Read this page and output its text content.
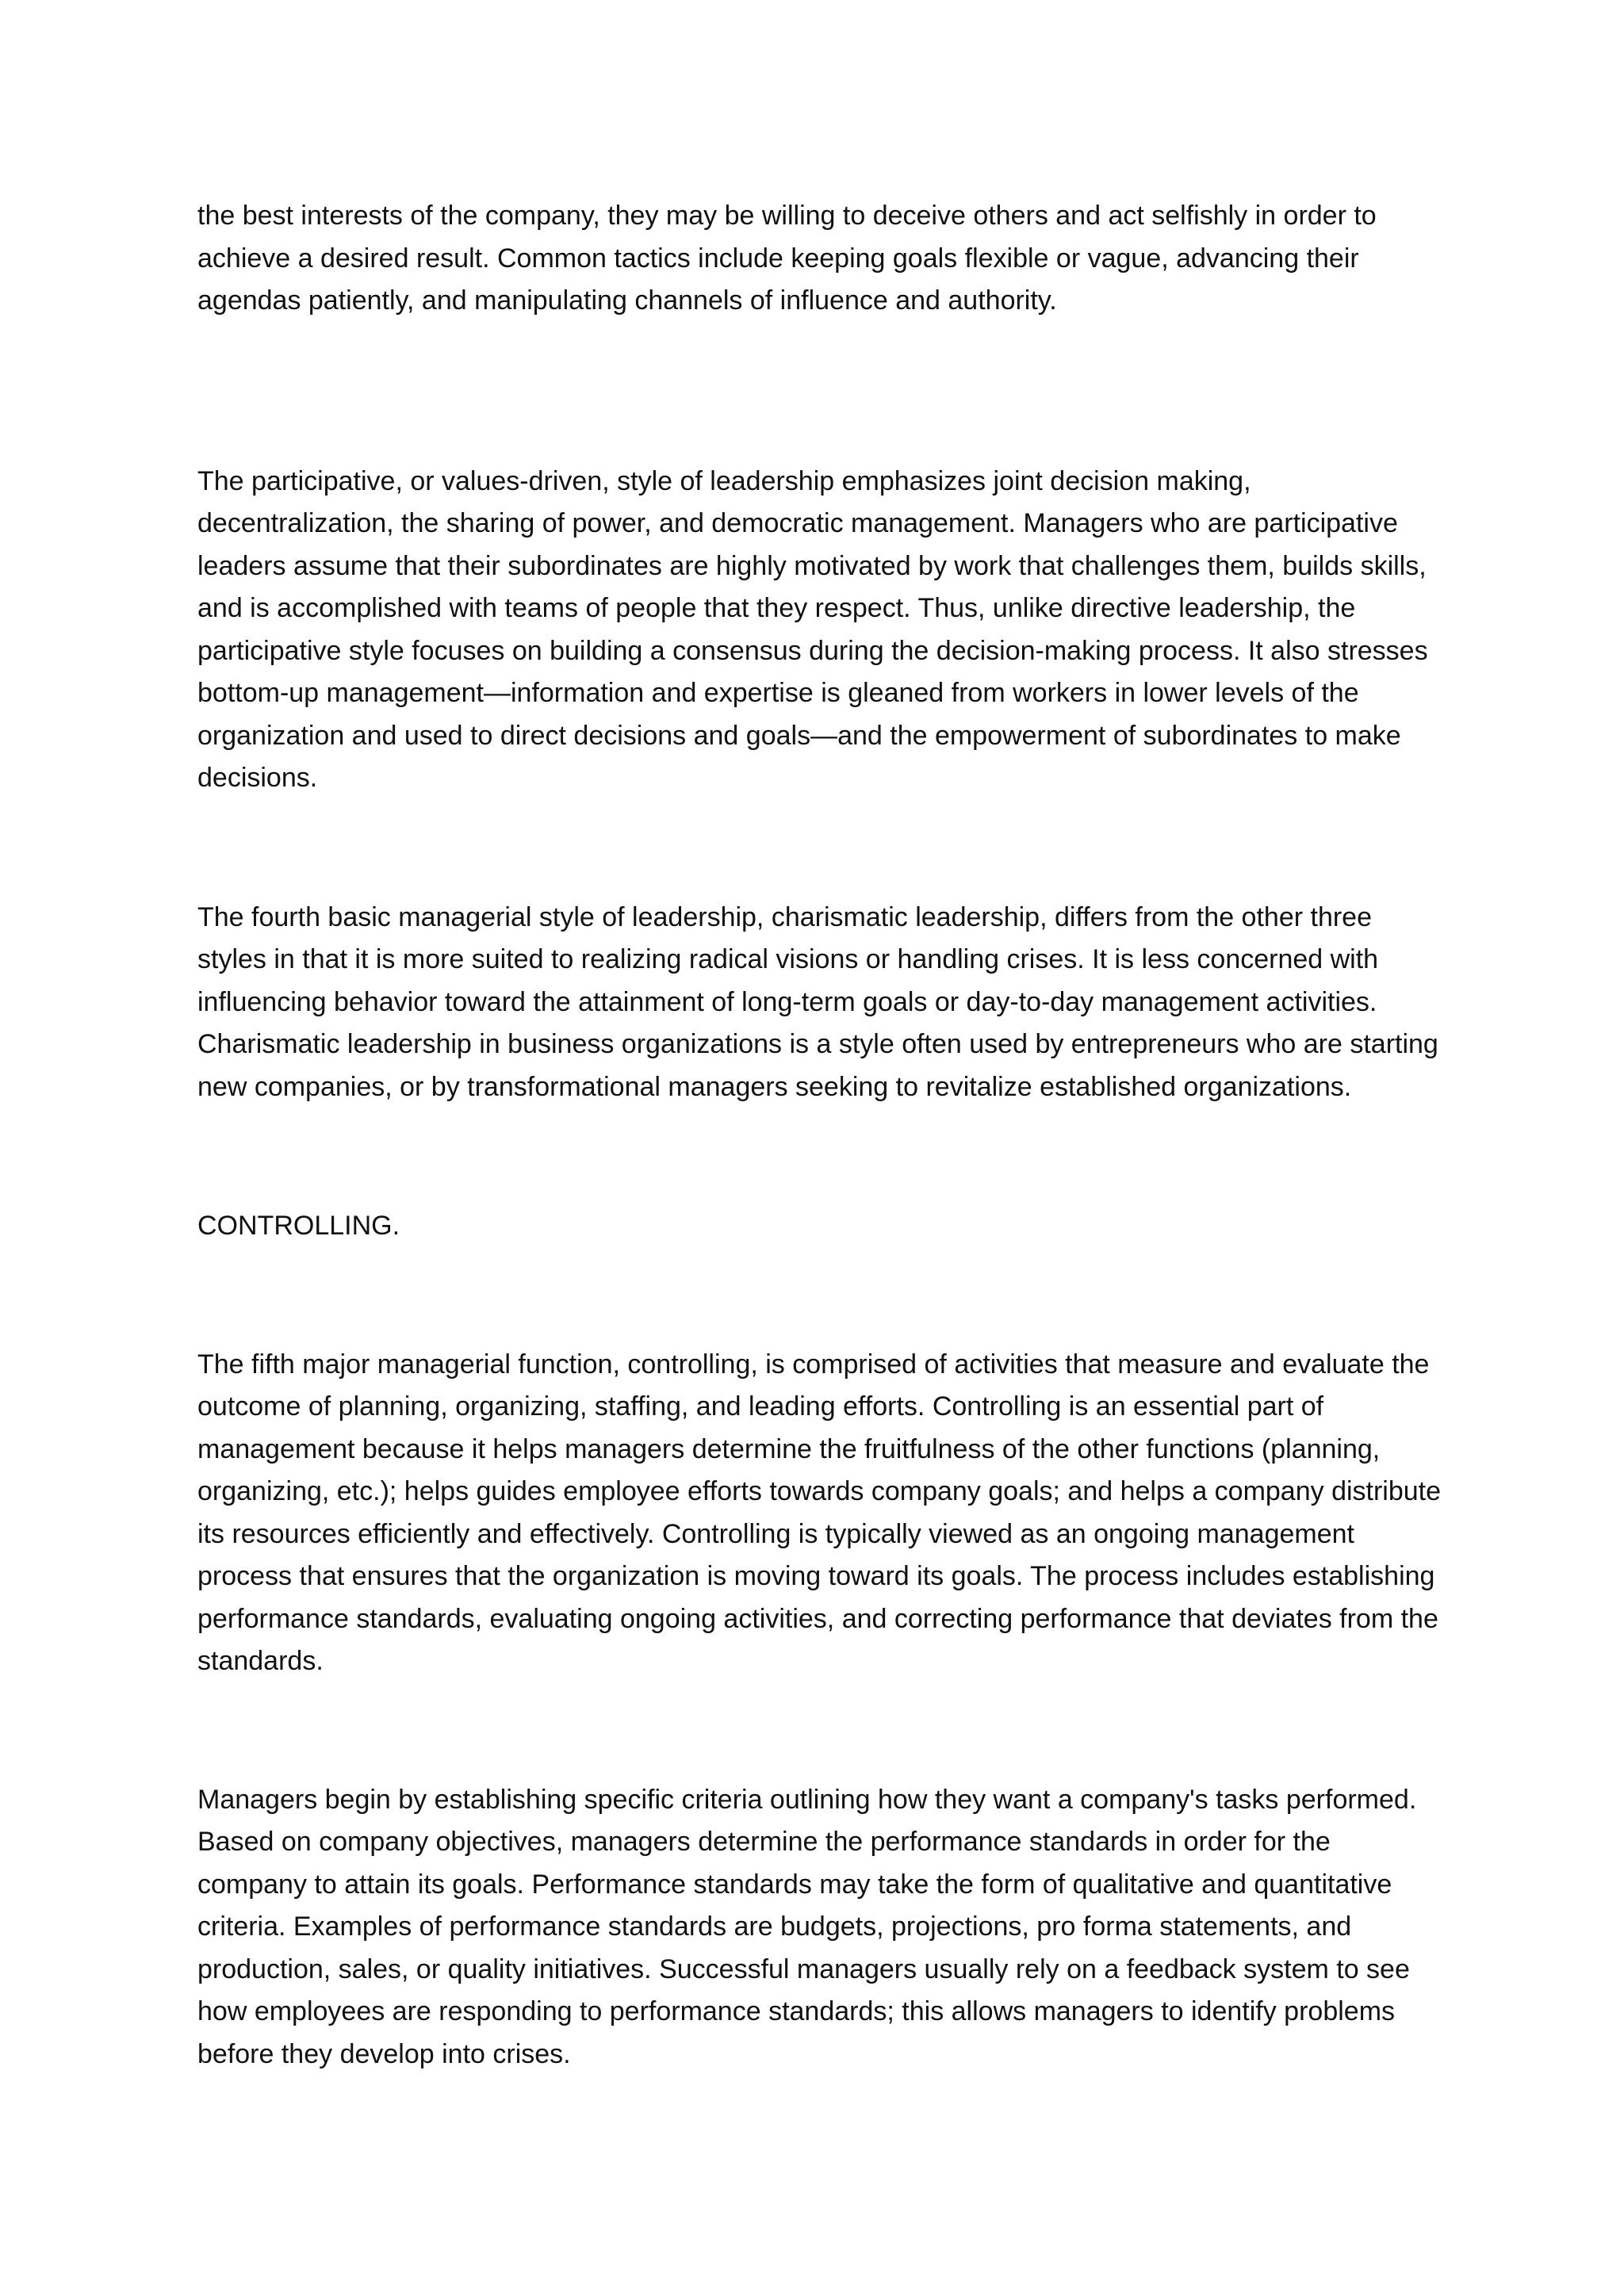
the best interests of the company, they may be willing to deceive others and act selfishly in order to achieve a desired result. Common tactics include keeping goals flexible or vague, advancing their agendas patiently, and manipulating channels of influence and authority.

The participative, or values-driven, style of leadership emphasizes joint decision making, decentralization, the sharing of power, and democratic management. Managers who are participative leaders assume that their subordinates are highly motivated by work that challenges them, builds skills, and is accomplished with teams of people that they respect. Thus, unlike directive leadership, the participative style focuses on building a consensus during the decision-making process. It also stresses bottom-up management—information and expertise is gleaned from workers in lower levels of the organization and used to direct decisions and goals—and the empowerment of subordinates to make decisions.

The fourth basic managerial style of leadership, charismatic leadership, differs from the other three styles in that it is more suited to realizing radical visions or handling crises. It is less concerned with influencing behavior toward the attainment of long-term goals or day-to-day management activities. Charismatic leadership in business organizations is a style often used by entrepreneurs who are starting new companies, or by transformational managers seeking to revitalize established organizations.

CONTROLLING.

The fifth major managerial function, controlling, is comprised of activities that measure and evaluate the outcome of planning, organizing, staffing, and leading efforts. Controlling is an essential part of management because it helps managers determine the fruitfulness of the other functions (planning, organizing, etc.); helps guides employee efforts towards company goals; and helps a company distribute its resources efficiently and effectively. Controlling is typically viewed as an ongoing management process that ensures that the organization is moving toward its goals. The process includes establishing performance standards, evaluating ongoing activities, and correcting performance that deviates from the standards.

Managers begin by establishing specific criteria outlining how they want a company's tasks performed. Based on company objectives, managers determine the performance standards in order for the company to attain its goals. Performance standards may take the form of qualitative and quantitative criteria. Examples of performance standards are budgets, projections, pro forma statements, and production, sales, or quality initiatives. Successful managers usually rely on a feedback system to see how employees are responding to performance standards; this allows managers to identify problems before they develop into crises.
